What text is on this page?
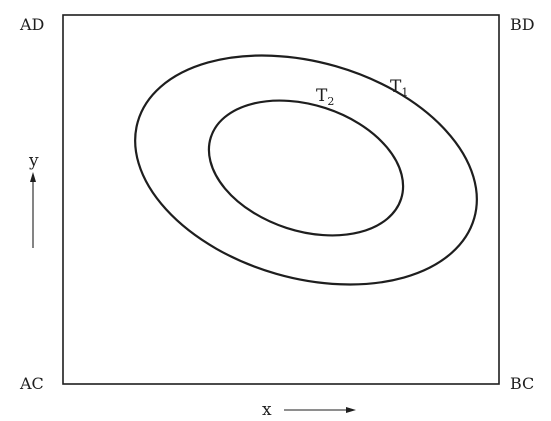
AD	BD
AC	BC
y
x
$T_1$
$T_2$
